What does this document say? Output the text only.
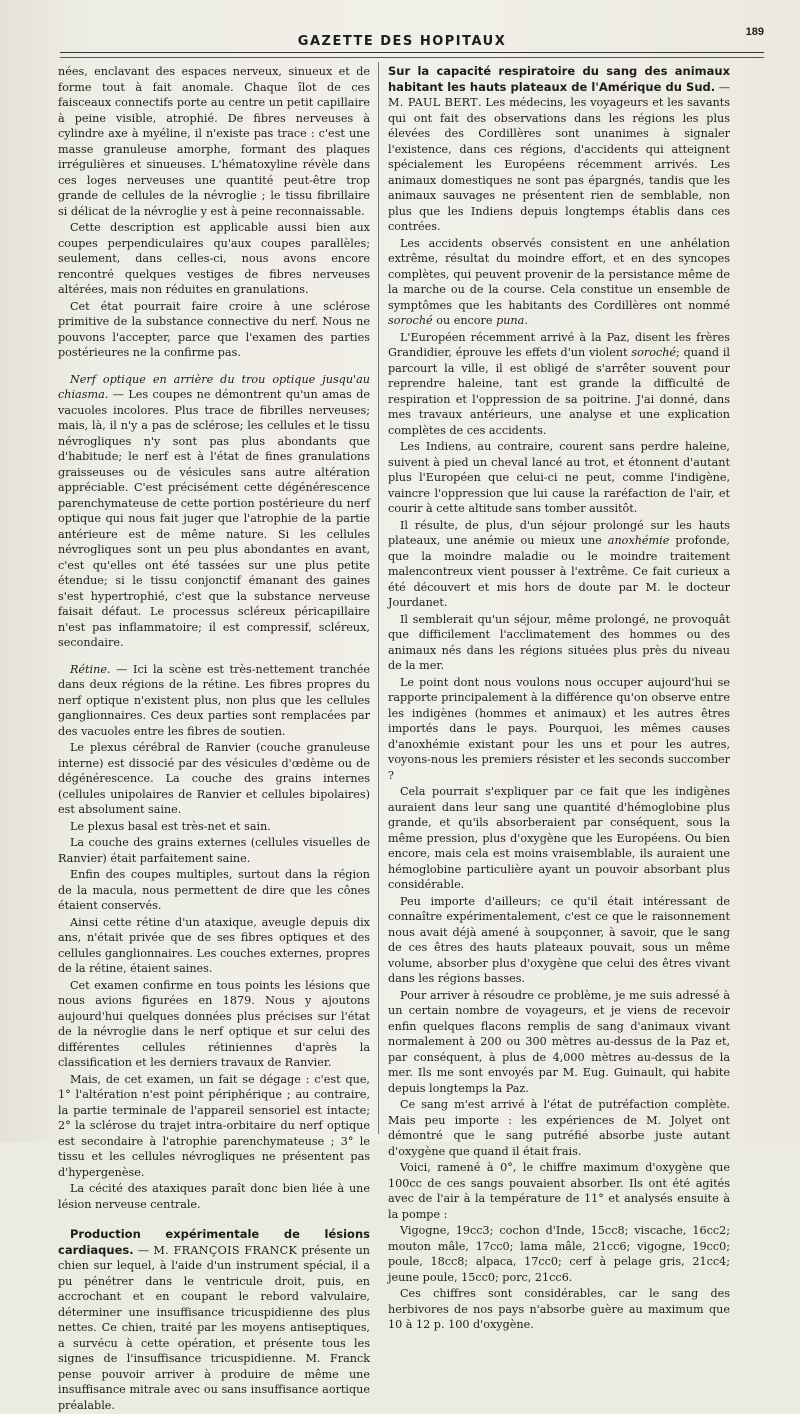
GAZETTE DES HOPITAUX
189

nées, enclavant des espaces nerveux, sinueux et de forme tout à fait anomale. Chaque îlot de ces faisceaux connectifs porte au centre un petit capillaire à peine visible, atrophié. De fibres nerveuses à cylindre axe à myéline, il n'existe pas trace : c'est une masse granuleuse amorphe, formant des plaques irrégulières et sinueuses. L'hématoxyline révèle dans ces loges nerveuses une quantité peut-être trop grande de cellules de la névroglie ; le tissu fibrillaire si délicat de la névroglie y est à peine reconnaissable.

Cette description est applicable aussi bien aux coupes perpendiculaires qu'aux coupes parallèles; seulement, dans celles-ci, nous avons encore rencontré quelques vestiges de fibres nerveuses altérées, mais non réduites en granulations.

Cet état pourrait faire croire à une sclérose primitive de la substance connective du nerf. Nous ne pouvons l'accepter, parce que l'examen des parties postérieures ne la confirme pas.

Nerf optique en arrière du trou optique jusqu'au chiasma. — Les coupes ne démontrent qu'un amas de vacuoles incolores. Plus trace de fibrilles nerveuses; mais, là, il n'y a pas de sclérose; les cellules et le tissu névrogliques n'y sont pas plus abondants que d'habitude; le nerf est à l'état de fines granulations graisseuses ou de vésicules sans autre altération appréciable. C'est précisément cette dégénérescence parenchymateuse de cette portion postérieure du nerf optique qui nous fait juger que l'atrophie de la partie antérieure est de même nature. Si les cellules névrogliques sont un peu plus abondantes en avant, c'est qu'elles ont été tassées sur une plus petite étendue; si le tissu conjonctif émanant des gaines s'est hypertrophié, c'est que la substance nerveuse faisait défaut. Le processus scléreux péricapillaire n'est pas inflammatoire; il est compressif, scléreux, secondaire.

Rétine. — Ici la scène est très-nettement tranchée dans deux régions de la rétine. Les fibres propres du nerf optique n'existent plus, non plus que les cellules ganglionnaires. Ces deux parties sont remplacées par des vacuoles entre les fibres de soutien.

Le plexus cérébral de Ranvier (couche granuleuse interne) est dissocié par des vésicules d'œdème ou de dégénérescence. La couche des grains internes (cellules unipolaires de Ranvier et cellules bipolaires) est absolument saine.

Le plexus basal est très-net et sain.

La couche des grains externes (cellules visuelles de Ranvier) était parfaitement saine.

Enfin des coupes multiples, surtout dans la région de la macula, nous permettent de dire que les cônes étaient conservés.

Ainsi cette rétine d'un ataxique, aveugle depuis dix ans, n'était privée que de ses fibres optiques et des cellules ganglionnaires. Les couches externes, propres de la rétine, étaient saines.

Cet examen confirme en tous points les lésions que nous avions figurées en 1879. Nous y ajoutons aujourd'hui quelques données plus précises sur l'état de la névroglie dans le nerf optique et sur celui des différentes cellules rétiniennes d'après la classification et les derniers travaux de Ranvier.

Mais, de cet examen, un fait se dégage : c'est que, 1° l'altération n'est point périphérique ; au contraire, la partie terminale de l'appareil sensoriel est intacte; 2° la sclérose du trajet intra-orbitaire du nerf optique est secondaire à l'atrophie parenchymateuse ; 3° le tissu et les cellules névrogliques ne présentent pas d'hypergenèse.

La cécité des ataxiques paraît donc bien liée à une lésion nerveuse centrale.

Production expérimentale de lésions cardiaques. — M. FRANÇOIS FRANCK présente un chien sur lequel, à l'aide d'un instrument spécial, il a pu pénétrer dans le ventricule droit, puis, en accrochant et en coupant le rebord valvulaire, déterminer une insuffisance tricuspidienne des plus nettes. Ce chien, traité par les moyens antiseptiques, a survécu à cette opération, et présente tous les signes de l'insuffisance tricuspidienne. M. Franck pense pouvoir arriver à produire de même une insuffisance mitrale avec ou sans insuffisance aortique préalable.

Sur la capacité respiratoire du sang des animaux habitant les hauts plateaux de l'Amérique du Sud. — M. PAUL BERT. Les médecins, les voyageurs et les savants qui ont fait des observations dans les régions les plus élevées des Cordillères sont unanimes à signaler l'existence, dans ces régions, d'accidents qui atteignent spécialement les Européens récemment arrivés. Les animaux domestiques ne sont pas épargnés, tandis que les animaux sauvages ne présentent rien de semblable, non plus que les Indiens depuis longtemps établis dans ces contrées.

Les accidents observés consistent en une anhélation extrême, résultat du moindre effort, et en des syncopes complètes, qui peuvent provenir de la persistance même de la marche ou de la course. Cela constitue un ensemble de symptômes que les habitants des Cordillères ont nommé soroché ou encore puna.

L'Européen récemment arrivé à la Paz, disent les frères Grandidier, éprouve les effets d'un violent soroché; quand il parcourt la ville, il est obligé de s'arrêter souvent pour reprendre haleine, tant est grande la difficulté de respiration et l'oppression de sa poitrine. J'ai donné, dans mes travaux antérieurs, une analyse et une explication complètes de ces accidents.

Les Indiens, au contraire, courent sans perdre haleine, suivent à pied un cheval lancé au trot, et étonnent d'autant plus l'Européen que celui-ci ne peut, comme l'indigène, vaincre l'oppression que lui cause la raréfaction de l'air, et courir à cette altitude sans tomber aussitôt.

Il résulte, de plus, d'un séjour prolongé sur les hauts plateaux, une anémie ou mieux une anoxhémie profonde, que la moindre maladie ou le moindre traitement malencontreux vient pousser à l'extrême. Ce fait curieux a été découvert et mis hors de doute par M. le docteur Jourdanet.

Il semblerait qu'un séjour, même prolongé, ne provoquât que difficilement l'acclimatement des hommes ou des animaux nés dans les régions situées plus près du niveau de la mer.

Le point dont nous voulons nous occuper aujourd'hui se rapporte principalement à la différence qu'on observe entre les indigènes (hommes et animaux) et les autres êtres importés dans le pays. Pourquoi, les mêmes causes d'anoxhémie existant pour les uns et pour les autres, voyons-nous les premiers résister et les seconds succomber ?

Cela pourrait s'expliquer par ce fait que les indigènes auraient dans leur sang une quantité d'hémoglobine plus grande, et qu'ils absorberaient par conséquent, sous la même pression, plus d'oxygène que les Européens. Ou bien encore, mais cela est moins vraisemblable, ils auraient une hémoglobine particulière ayant un pouvoir absorbant plus considérable.

Peu importe d'ailleurs; ce qu'il était intéressant de connaître expérimentalement, c'est ce que le raisonnement nous avait déjà amené à soupçonner, à savoir, que le sang de ces êtres des hauts plateaux pouvait, sous un même volume, absorber plus d'oxygène que celui des êtres vivant dans les régions basses.

Pour arriver à résoudre ce problème, je me suis adressé à un certain nombre de voyageurs, et je viens de recevoir enfin quelques flacons remplis de sang d'animaux vivant normalement à 200 ou 300 mètres au-dessus de la Paz et, par conséquent, à plus de 4,000 mètres au-dessus de la mer. Ils me sont envoyés par M. Eug. Guinault, qui habite depuis longtemps la Paz.

Ce sang m'est arrivé à l'état de putréfaction complète. Mais peu importe : les expériences de M. Jolyet ont démontré que le sang putréfié absorbe juste autant d'oxygène que quand il était frais.

Voici, ramené à 0°, le chiffre maximum d'oxygène que 100cc de ces sangs pouvaient absorber. Ils ont été agités avec de l'air à la température de 11° et analysés ensuite à la pompe :

Vigogne, 19cc3; cochon d'Inde, 15cc8; viscache, 16cc2; mouton mâle, 17cc0; lama mâle, 21cc6; vigogne, 19cc0; poule, 18cc8; alpaca, 17cc0; cerf à pelage gris, 21cc4; jeune poule, 15cc0; porc, 21cc6.

Ces chiffres sont considérables, car le sang des herbivores de nos pays n'absorbe guère au maximum que 10 à 12 p. 100 d'oxygène.
